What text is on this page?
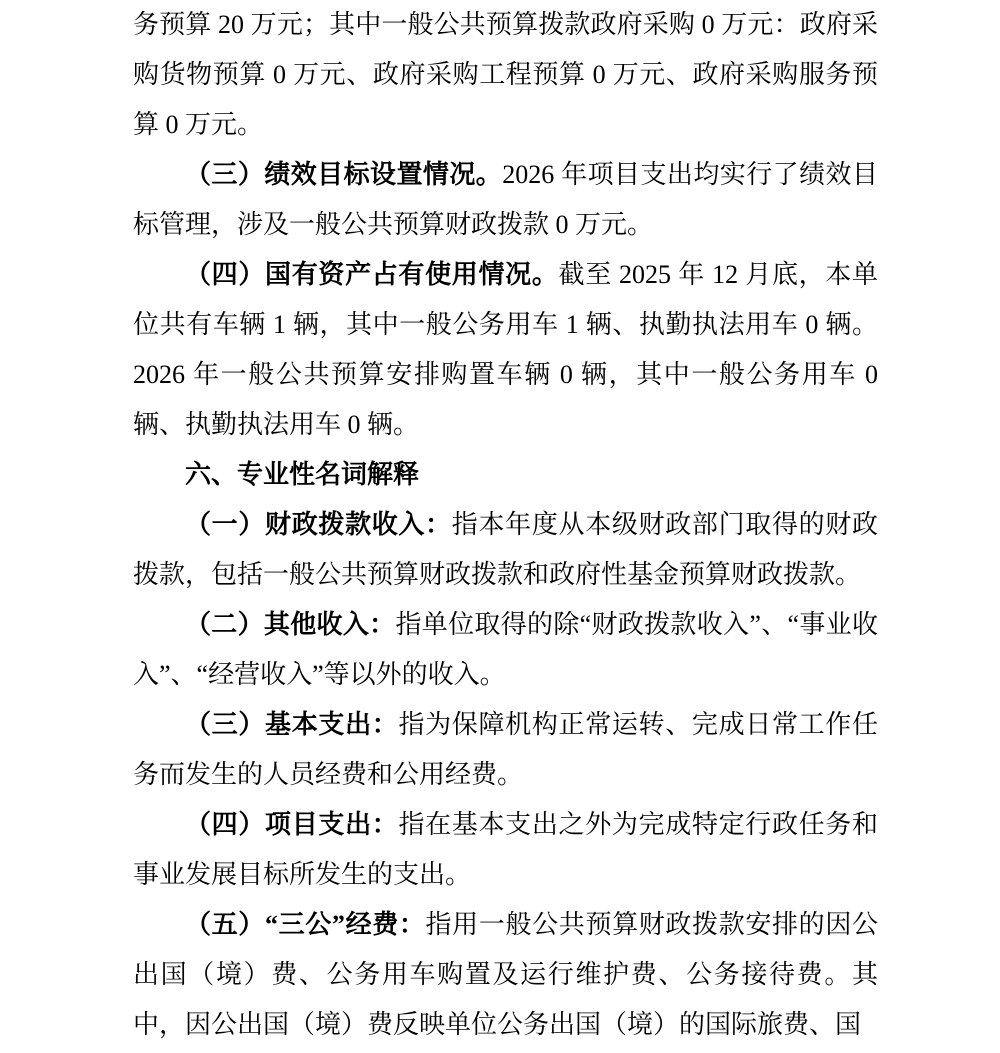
务预算 20 万元；其中一般公共预算拨款政府采购 0 万元：政府采购货物预算 0 万元、政府采购工程预算 0 万元、政府采购服务预算 0 万元。

（三）绩效目标设置情况。2026 年项目支出均实行了绩效目标管理，涉及一般公共预算财政拨款 0 万元。

（四）国有资产占有使用情况。截至 2025 年 12 月底，本单位共有车辆 1 辆，其中一般公务用车 1 辆、执勤执法用车 0 辆。2026 年一般公共预算安排购置车辆 0 辆，其中一般公务用车 0 辆、执勤执法用车 0 辆。

六、专业性名词解释

（一）财政拨款收入：指本年度从本级财政部门取得的财政拨款，包括一般公共预算财政拨款和政府性基金预算财政拨款。

（二）其他收入：指单位取得的除“财政拨款收入”、“事业收入”、“经营收入”等以外的收入。

（三）基本支出：指为保障机构正常运转、完成日常工作任务而发生的人员经费和公用经费。

（四）项目支出：指在基本支出之外为完成特定行政任务和事业发展目标所发生的支出。

（五）“三公”经费：指用一般公共预算财政拨款安排的因公出国（境）费、公务用车购置及运行维护费、公务接待费。其中，因公出国（境）费反映单位公务出国（境）的国际旅费、国
